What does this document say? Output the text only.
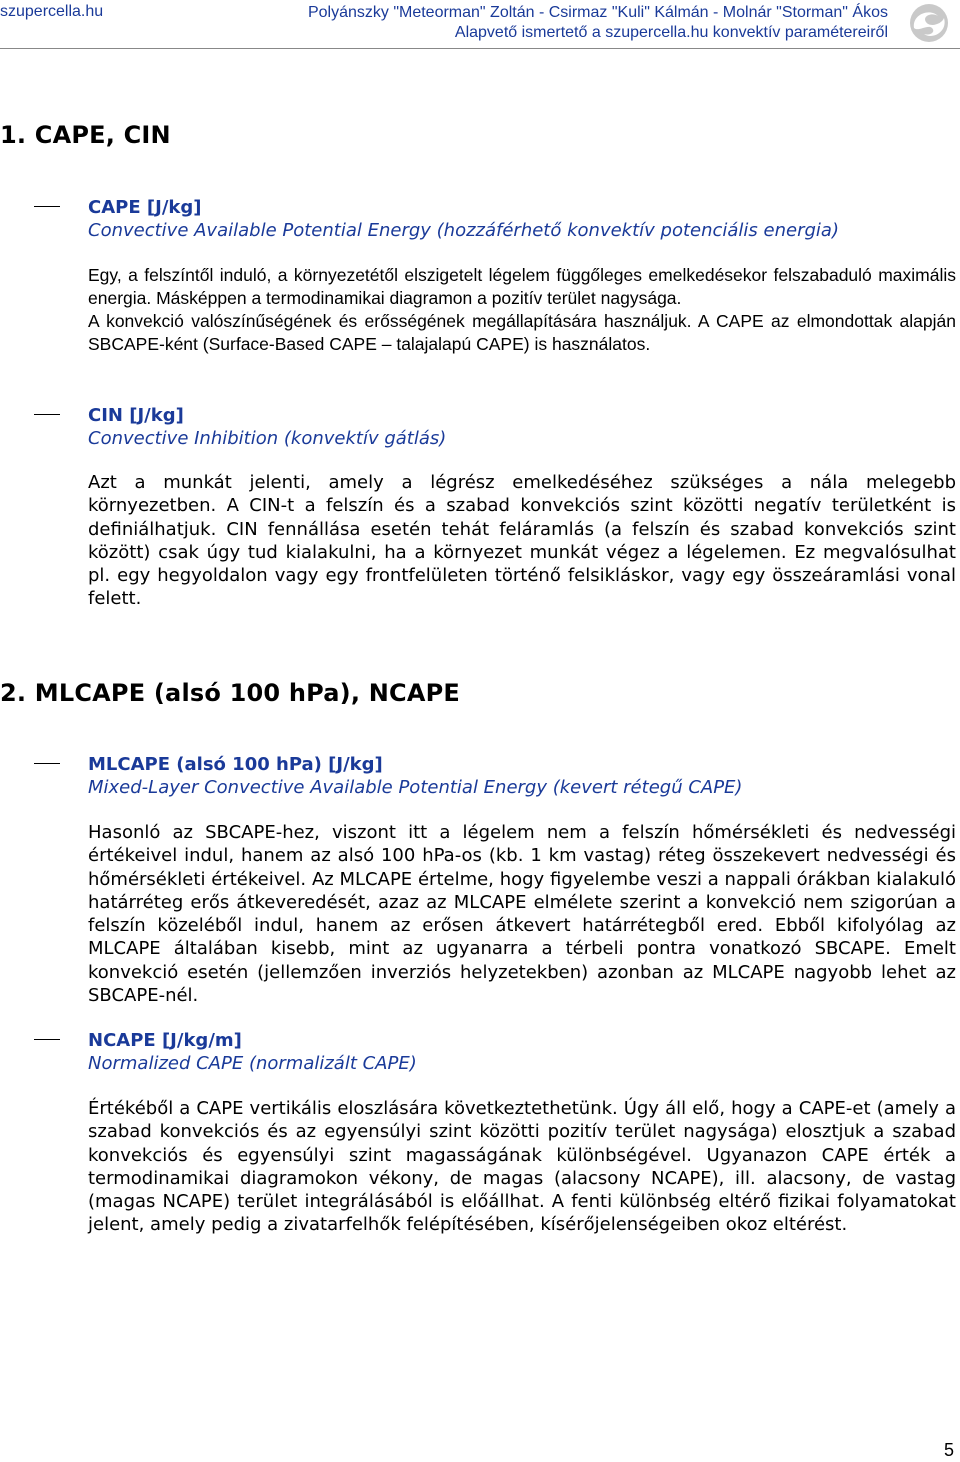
szupercella.hu	Polyánszky "Meteorman" Zoltán - Csirmaz "Kuli" Kálmán - Molnár "Storman" Ákos
Alapvető ismertető a szupercella.hu konvektív paramétereiről
1. CAPE, CIN
CAPE [J/kg]
Convective Available Potential Energy (hozzáférhető konvektív potenciális energia)
Egy, a felszíntől induló, a környezetétől elszigetelt légelem függőleges emelkedésekor felszabaduló maximális energia. Másképpen a termodinamikai diagramon a pozitív terület nagysága.
A konvekció valószínűségének és erősségének megállapítására használjuk. A CAPE az elmondottak alapján SBCAPE-ként (Surface-Based CAPE – talajalapú CAPE) is használatos.
CIN [J/kg]
Convective Inhibition (konvektív gátlás)
Azt a munkát jelenti, amely a légrész emelkedéséhez szükséges a nála melegebb környezetben. A CIN-t a felszín és a szabad konvekciós szint közötti negatív területként is definiálhatjuk. CIN fennállása esetén tehát feláramlás (a felszín és szabad konvekciós szint között) csak úgy tud kialakulni, ha a környezet munkát végez a légelemen. Ez megvalósulhat pl. egy hegyoldalon vagy egy frontfelületen történő felsikláskor, vagy egy összeáramlási vonal felett.
2. MLCAPE (alsó 100 hPa), NCAPE
MLCAPE (alsó 100 hPa) [J/kg]
Mixed-Layer Convective Available Potential Energy (kevert rétegű CAPE)
Hasonló az SBCAPE-hez, viszont itt a légelem nem a felszín hőmérsékleti és nedvességi értékeivel indul, hanem az alsó 100 hPa-os (kb. 1 km vastag) réteg összekevert nedvességi és hőmérsékleti értékeivel. Az MLCAPE értelme, hogy figyelembe veszi a nappali órákban kialakuló határréteg erős átkeveredését, azaz az MLCAPE elmélete szerint a konvekció nem szigorúan a felszín közeléből indul, hanem az erősen átkevert határrétegből ered. Ebből kifolyólag az MLCAPE általában kisebb, mint az ugyanarra a térbeli pontra vonatkozó SBCAPE. Emelt konvekció esetén (jellemzően inverziós helyzetekben) azonban az MLCAPE nagyobb lehet az SBCAPE-nél.
NCAPE [J/kg/m]
Normalized CAPE (normalizált CAPE)
Értékéből a CAPE vertikális eloszlására következtethetünk. Úgy áll elő, hogy a CAPE-et (amely a szabad konvekciós és az egyensúlyi szint közötti pozitív terület nagysága) elosztjuk a szabad konvekciós és egyensúlyi szint magasságának különbségével. Ugyanazon CAPE érték a termodinamikai diagramokon vékony, de magas (alacsony NCAPE), ill. alacsony, de vastag (magas NCAPE) terület integrálásából is előállhat. A fenti különbség eltérő fizikai folyamatokat jelent, amely pedig a zivatarfelhők felépítésében, kísérőjelenségeiben okoz eltérést.
5
